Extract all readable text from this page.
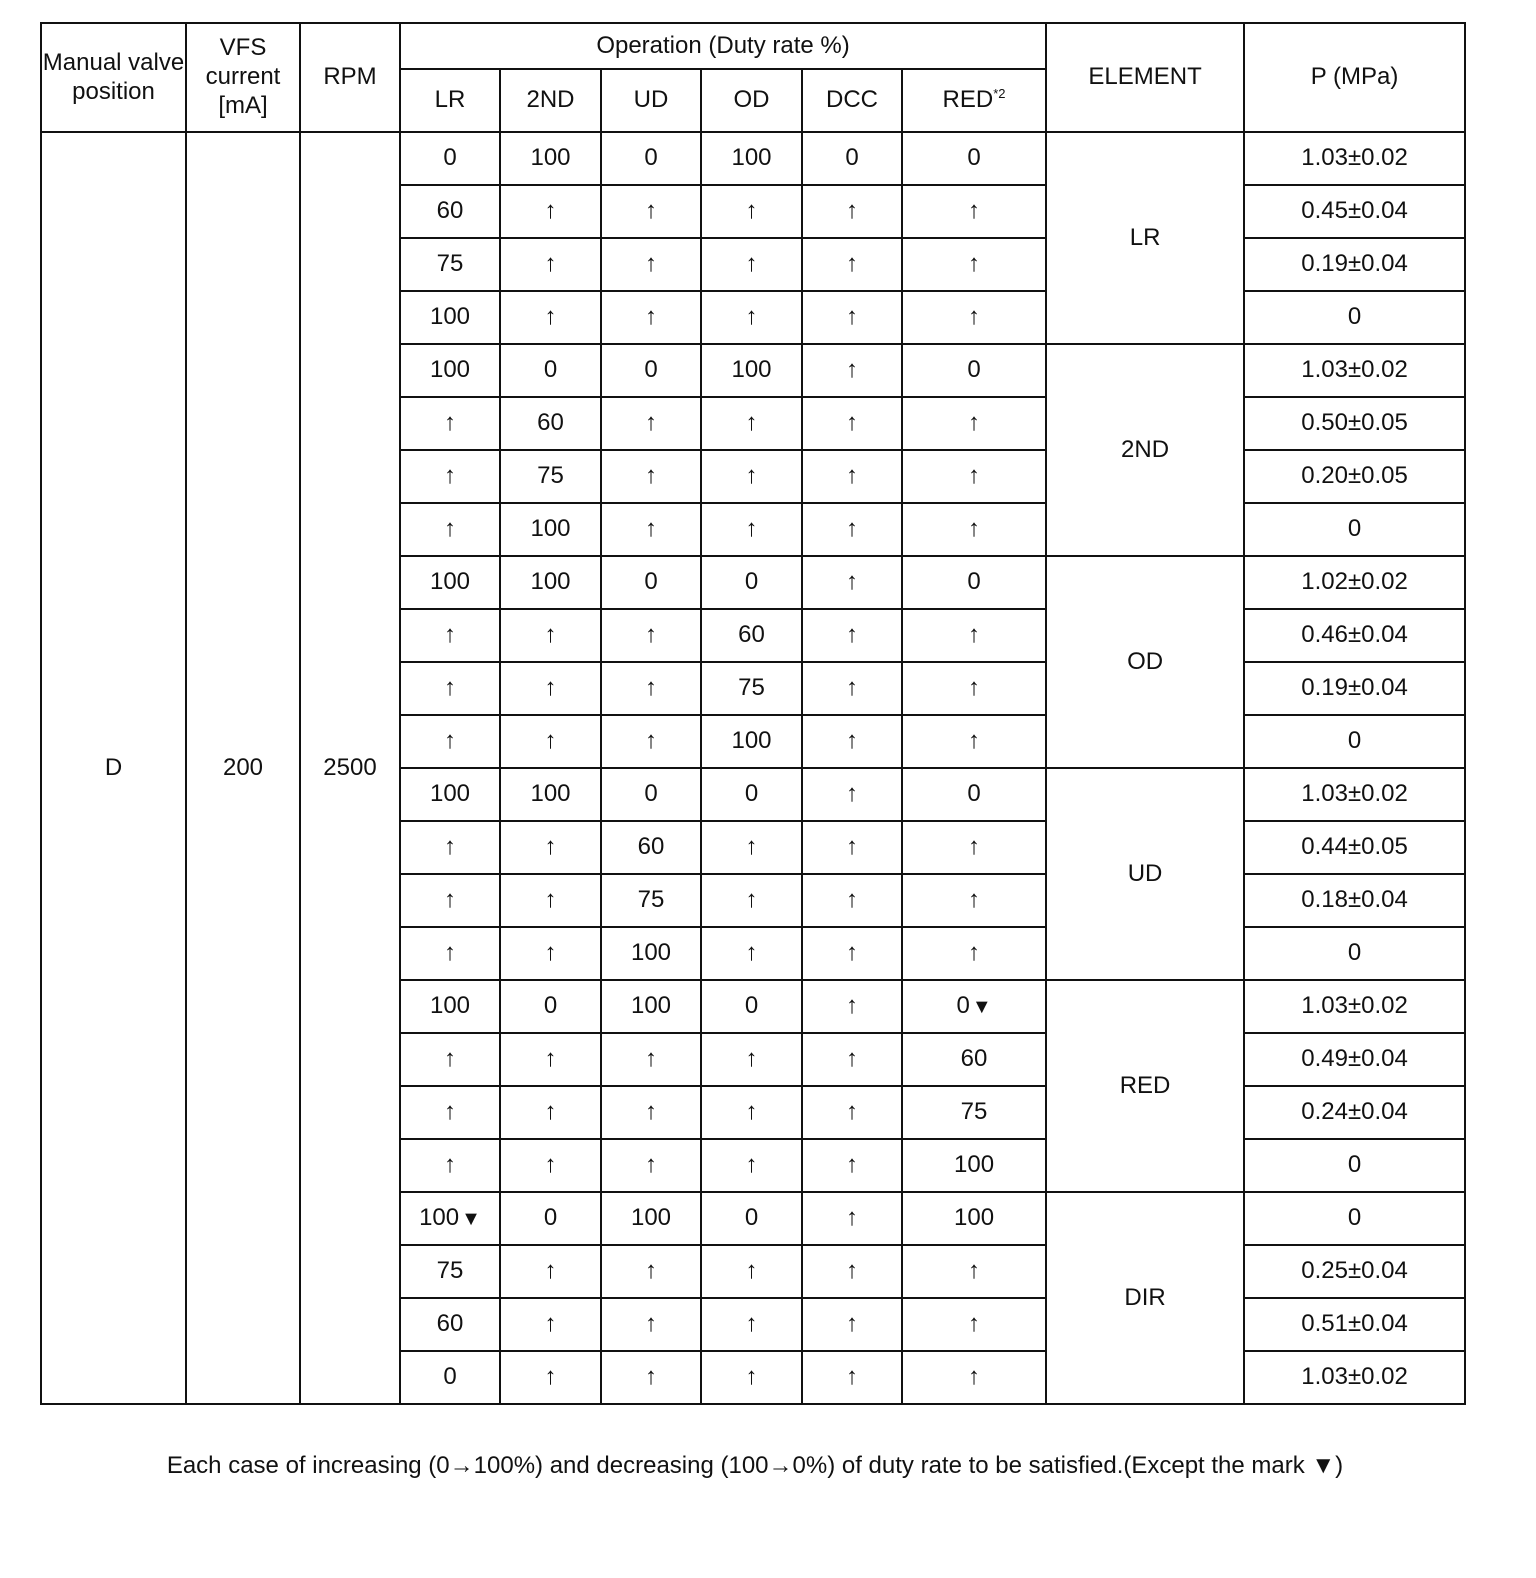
Manual valve position	VFS current [mA]	RPM	Operation (Duty rate %)						ELEMENT	P (MPa)
			LR	2ND	UD	OD	DCC	RED$^{*2}$
D	200	2500	0	100	0	100	0	0	LR	1.03±0.02
			60	↑	↑	↑	↑	↑		0.45±0.04
			75	↑	↑	↑	↑	↑		0.19±0.04
			100	↑	↑	↑	↑	↑		0
			100	0	0	100	↑	0	2ND	1.03±0.02
			↑	60	↑	↑	↑	↑		0.50±0.05
			↑	75	↑	↑	↑	↑		0.20±0.05
			↑	100	↑	↑	↑	↑		0
			100	100	0	0	↑	0	OD	1.02±0.02
			↑	↑	↑	60	↑	↑		0.46±0.04
			↑	↑	↑	75	↑	↑		0.19±0.04
			↑	↑	↑	100	↑	↑		0
			100	100	0	0	↑	0	UD	1.03±0.02
			↑	↑	60	↑	↑	↑		0.44±0.05
			↑	↑	75	↑	↑	↑		0.18±0.04
			↑	↑	100	↑	↑	↑		0
			100	0	100	0	↑	0 ▼	RED	1.03±0.02
			↑	↑	↑	↑	↑	60		0.49±0.04
			↑	↑	↑	↑	↑	75		0.24±0.04
			↑	↑	↑	↑	↑	100		0
			100 ▼	0	100	0	↑	100	DIR	0
			75	↑	↑	↑	↑	↑		0.25±0.04
			60	↑	↑	↑	↑	↑		0.51±0.04
			0	↑	↑	↑	↑	↑		1.03±0.02
Each case of increasing (0→100%) and decreasing (100→0%) of duty rate to be satisfied.(Except the mark ▼)
